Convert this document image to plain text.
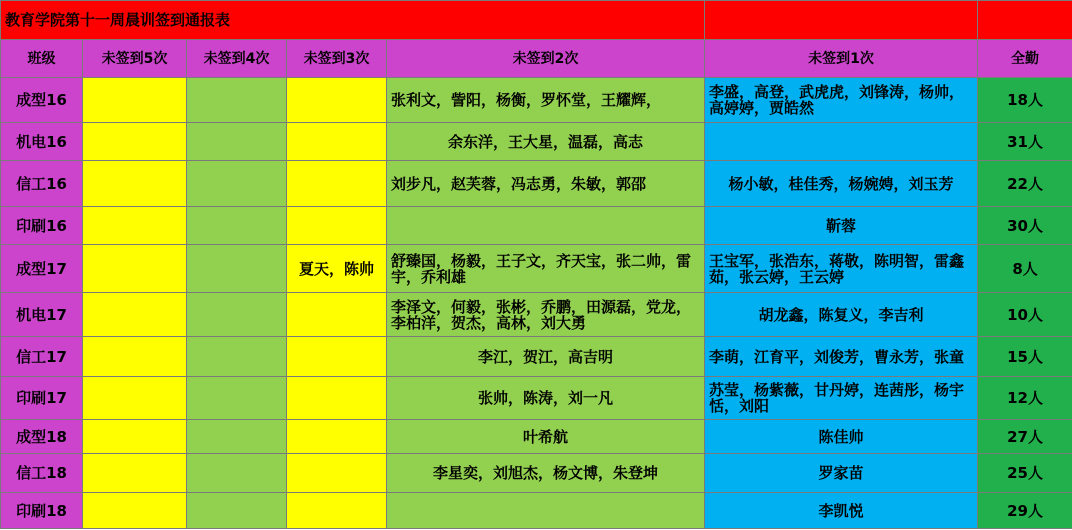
教育学院第十一周晨训签到通报表						
班级	未签到5次	未签到4次	未签到3次	未签到2次	未签到1次	全勤
成型16				张利文，訾阳，杨衡，罗怀堂，王耀辉，	李盛，高登，武虎虎，刘锋涛，杨帅，高婷婷，贾皓然	18人
机电16				余东洋，王大星，温磊，高志		31人
信工16				刘步凡，赵芙蓉，冯志勇，朱敏，郭邵	杨小敏，桂佳秀，杨婉娉，刘玉芳	22人
印刷16					靳蓉	30人
成型17			夏天，陈帅	舒臻国，杨毅，王子文，齐天宝，张二帅，雷宇，乔利雄	王宝军，张浩东，蒋敬，陈明智，雷鑫茹，张云婷，王云婷	8人
机电17				李泽文，何毅，张彬，乔鹏，田源磊，党龙，李柏洋，贺杰，高林，刘大勇	胡龙鑫，陈复义，李吉利	10人
信工17				李江，贺江，高吉明	李萌，江育平，刘俊芳，曹永芳，张童	15人
印刷17				张帅，陈涛，刘一凡	苏莹，杨紫薇，甘丹婷，连茜彤，杨宇恬，刘阳	12人
成型18				叶希航	陈佳帅	27人
信工18				李星奕，刘旭杰，杨文博，朱登坤	罗家苗	25人
印刷18					李凯悦	29人
